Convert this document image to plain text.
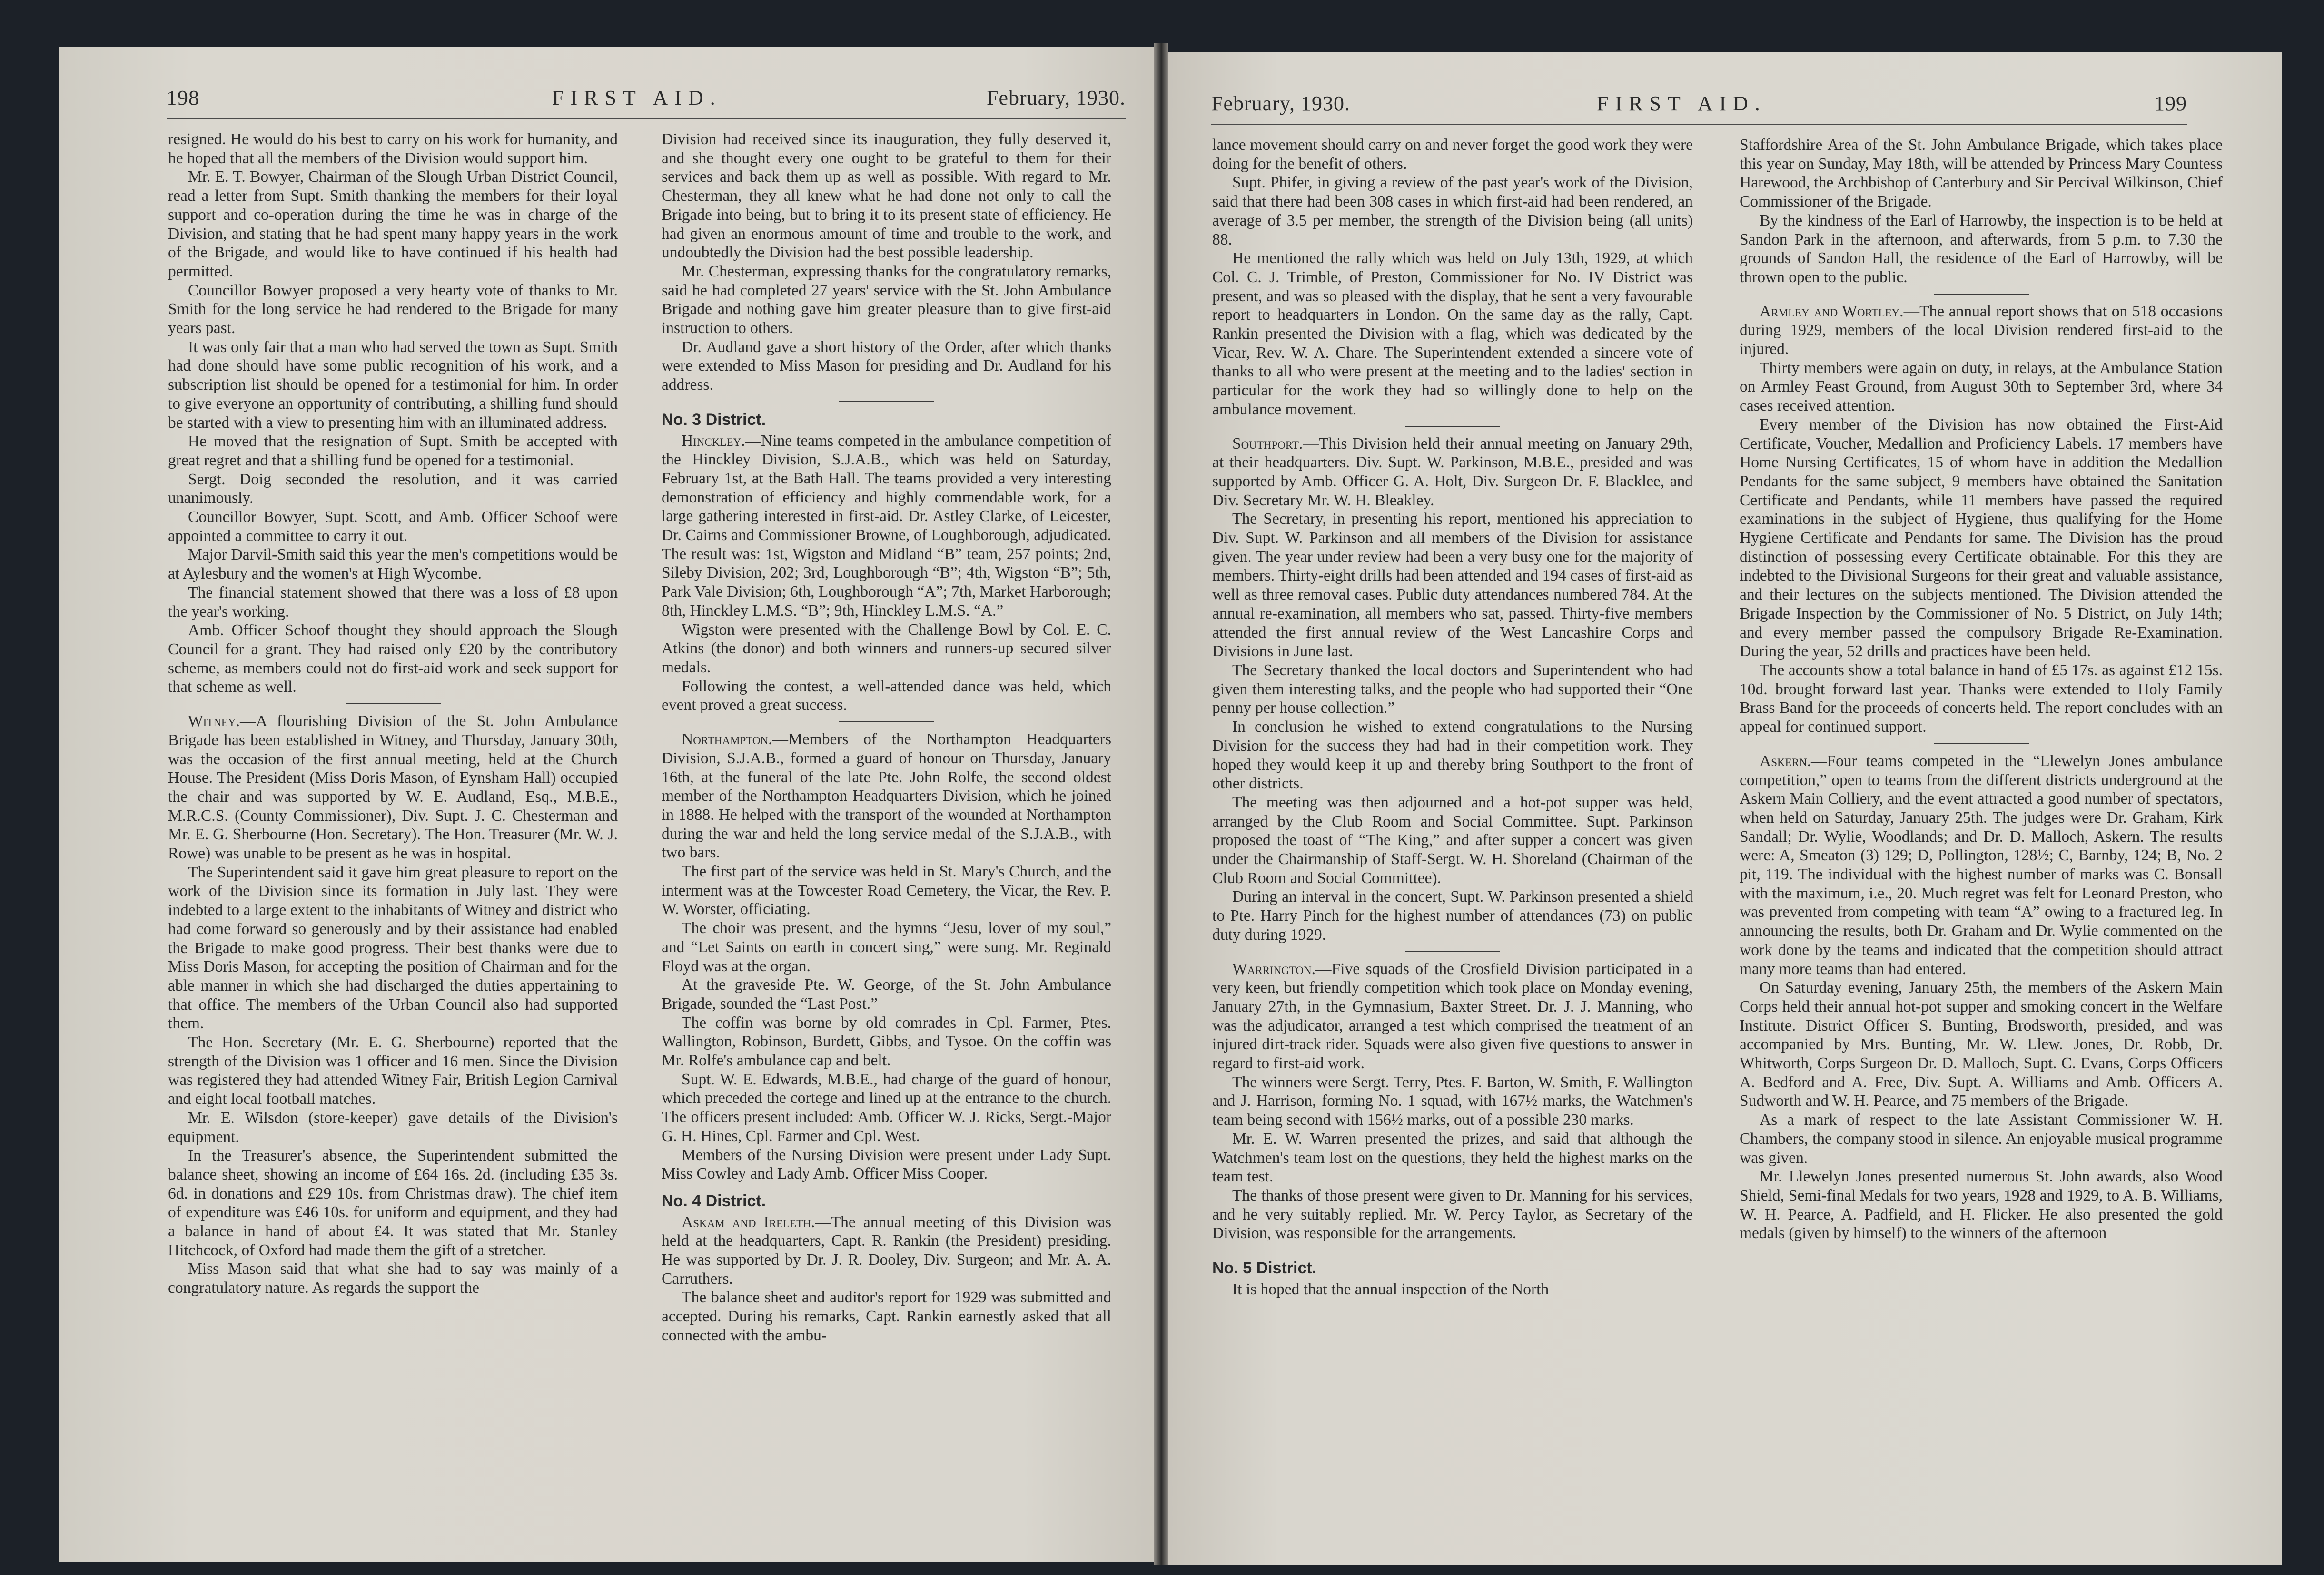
198	FIRST AID.	February, 1930.

resigned. He would do his best to carry on his work for humanity, and he hoped that all the members of the Division would support him.

Mr. E. T. Bowyer, Chairman of the Slough Urban District Council, read a letter from Supt. Smith thanking the members for their loyal support and co-operation during the time he was in charge of the Division, and stating that he had spent many happy years in the work of the Brigade, and would like to have continued if his health had permitted.

Councillor Bowyer proposed a very hearty vote of thanks to Mr. Smith for the long service he had rendered to the Brigade for many years past.

It was only fair that a man who had served the town as Supt. Smith had done should have some public recognition of his work, and a subscription list should be opened for a testimonial for him. In order to give everyone an opportunity of contributing, a shilling fund should be started with a view to presenting him with an illuminated address.

He moved that the resignation of Supt. Smith be accepted with great regret and that a shilling fund be opened for a testimonial.

Sergt. Doig seconded the resolution, and it was carried unanimously.

Councillor Bowyer, Supt. Scott, and Amb. Officer Schoof were appointed a committee to carry it out.

Major Darvil-Smith said this year the men's competitions would be at Aylesbury and the women's at High Wycombe.

The financial statement showed that there was a loss of £8 upon the year's working.

Amb. Officer Schoof thought they should approach the Slough Council for a grant. They had raised only £20 by the contributory scheme, as members could not do first-aid work and seek support for that scheme as well.

Witney.—A flourishing Division of the St. John Ambulance Brigade has been established in Witney, and Thursday, January 30th, was the occasion of the first annual meeting, held at the Church House. The President (Miss Doris Mason, of Eynsham Hall) occupied the chair and was supported by W. E. Audland, Esq., M.B.E., M.R.C.S. (County Commissioner), Div. Supt. J. C. Chesterman and Mr. E. G. Sherbourne (Hon. Secretary). The Hon. Treasurer (Mr. W. J. Rowe) was unable to be present as he was in hospital.

The Superintendent said it gave him great pleasure to report on the work of the Division since its formation in July last. They were indebted to a large extent to the inhabitants of Witney and district who had come forward so generously and by their assistance had enabled the Brigade to make good progress. Their best thanks were due to Miss Doris Mason, for accepting the position of Chairman and for the able manner in which she had discharged the duties appertaining to that office. The members of the Urban Council also had supported them.

The Hon. Secretary (Mr. E. G. Sherbourne) reported that the strength of the Division was 1 officer and 16 men. Since the Division was registered they had attended Witney Fair, British Legion Carnival and eight local football matches.

Mr. E. Wilsdon (store-keeper) gave details of the Division's equipment.

In the Treasurer's absence, the Superintendent submitted the balance sheet, showing an income of £64 16s. 2d. (including £35 3s. 6d. in donations and £29 10s. from Christmas draw). The chief item of expenditure was £46 10s. for uniform and equipment, and they had a balance in hand of about £4. It was stated that Mr. Stanley Hitchcock, of Oxford had made them the gift of a stretcher.

Miss Mason said that what she had to say was mainly of a congratulatory nature. As regards the support the

Division had received since its inauguration, they fully deserved it, and she thought every one ought to be grateful to them for their services and back them up as well as possible. With regard to Mr. Chesterman, they all knew what he had done not only to call the Brigade into being, but to bring it to its present state of efficiency. He had given an enormous amount of time and trouble to the work, and undoubtedly the Division had the best possible leadership.

Mr. Chesterman, expressing thanks for the congratulatory remarks, said he had completed 27 years' service with the St. John Ambulance Brigade and nothing gave him greater pleasure than to give first-aid instruction to others.

Dr. Audland gave a short history of the Order, after which thanks were extended to Miss Mason for presiding and Dr. Audland for his address.

No. 3 District.

Hinckley.—Nine teams competed in the ambulance competition of the Hinckley Division, S.J.A.B., which was held on Saturday, February 1st, at the Bath Hall. The teams provided a very interesting demonstration of efficiency and highly commendable work, for a large gathering interested in first-aid. Dr. Astley Clarke, of Leicester, Dr. Cairns and Commissioner Browne, of Loughborough, adjudicated. The result was: 1st, Wigston and Midland “B” team, 257 points; 2nd, Sileby Division, 202; 3rd, Loughborough “B”; 4th, Wigston “B”; 5th, Park Vale Division; 6th, Loughborough “A”; 7th, Market Harborough; 8th, Hinckley L.M.S. “B”; 9th, Hinckley L.M.S. “A.”

Wigston were presented with the Challenge Bowl by Col. E. C. Atkins (the donor) and both winners and runners-up secured silver medals.

Following the contest, a well-attended dance was held, which event proved a great success.

Northampton.—Members of the Northampton Headquarters Division, S.J.A.B., formed a guard of honour on Thursday, January 16th, at the funeral of the late Pte. John Rolfe, the second oldest member of the Northampton Headquarters Division, which he joined in 1888. He helped with the transport of the wounded at Northampton during the war and held the long service medal of the S.J.A.B., with two bars.

The first part of the service was held in St. Mary's Church, and the interment was at the Towcester Road Cemetery, the Vicar, the Rev. P. W. Worster, officiating.

The choir was present, and the hymns “Jesu, lover of my soul,” and “Let Saints on earth in concert sing,” were sung. Mr. Reginald Floyd was at the organ.

At the graveside Pte. W. George, of the St. John Ambulance Brigade, sounded the “Last Post.”

The coffin was borne by old comrades in Cpl. Farmer, Ptes. Wallington, Robinson, Burdett, Gibbs, and Tysoe. On the coffin was Mr. Rolfe's ambulance cap and belt.

Supt. W. E. Edwards, M.B.E., had charge of the guard of honour, which preceded the cortege and lined up at the entrance to the church. The officers present included: Amb. Officer W. J. Ricks, Sergt.-Major G. H. Hines, Cpl. Farmer and Cpl. West.

Members of the Nursing Division were present under Lady Supt. Miss Cowley and Lady Amb. Officer Miss Cooper.

No. 4 District.

Askam and Ireleth.—The annual meeting of this Division was held at the headquarters, Capt. R. Rankin (the President) presiding. He was supported by Dr. J. R. Dooley, Div. Surgeon; and Mr. A. A. Carruthers.

The balance sheet and auditor's report for 1929 was submitted and accepted. During his remarks, Capt. Rankin earnestly asked that all connected with the ambu-

February, 1930.	FIRST AID.	199

lance movement should carry on and never forget the good work they were doing for the benefit of others.

Supt. Phifer, in giving a review of the past year's work of the Division, said that there had been 308 cases in which first-aid had been rendered, an average of 3.5 per member, the strength of the Division being (all units) 88.

He mentioned the rally which was held on July 13th, 1929, at which Col. C. J. Trimble, of Preston, Commissioner for No. IV District was present, and was so pleased with the display, that he sent a very favourable report to headquarters in London. On the same day as the rally, Capt. Rankin presented the Division with a flag, which was dedicated by the Vicar, Rev. W. A. Chare. The Superintendent extended a sincere vote of thanks to all who were present at the meeting and to the ladies' section in particular for the work they had so willingly done to help on the ambulance movement.

Southport.—This Division held their annual meeting on January 29th, at their headquarters. Div. Supt. W. Parkinson, M.B.E., presided and was supported by Amb. Officer G. A. Holt, Div. Surgeon Dr. F. Blacklee, and Div. Secretary Mr. W. H. Bleakley.

The Secretary, in presenting his report, mentioned his appreciation to Div. Supt. W. Parkinson and all members of the Division for assistance given. The year under review had been a very busy one for the majority of members. Thirty-eight drills had been attended and 194 cases of first-aid as well as three removal cases. Public duty attendances numbered 784. At the annual re-examination, all members who sat, passed. Thirty-five members attended the first annual review of the West Lancashire Corps and Divisions in June last.

The Secretary thanked the local doctors and Superintendent who had given them interesting talks, and the people who had supported their “One penny per house collection.”

In conclusion he wished to extend congratulations to the Nursing Division for the success they had had in their competition work. They hoped they would keep it up and thereby bring Southport to the front of other districts.

The meeting was then adjourned and a hot-pot supper was held, arranged by the Club Room and Social Committee. Supt. Parkinson proposed the toast of “The King,” and after supper a concert was given under the Chairmanship of Staff-Sergt. W. H. Shoreland (Chairman of the Club Room and Social Committee).

During an interval in the concert, Supt. W. Parkinson presented a shield to Pte. Harry Pinch for the highest number of attendances (73) on public duty during 1929.

Warrington.—Five squads of the Crosfield Division participated in a very keen, but friendly competition which took place on Monday evening, January 27th, in the Gymnasium, Baxter Street. Dr. J. J. Manning, who was the adjudicator, arranged a test which comprised the treatment of an injured dirt-track rider. Squads were also given five questions to answer in regard to first-aid work.

The winners were Sergt. Terry, Ptes. F. Barton, W. Smith, F. Wallington and J. Harrison, forming No. 1 squad, with 167½ marks, the Watchmen's team being second with 156½ marks, out of a possible 230 marks.

Mr. E. W. Warren presented the prizes, and said that although the Watchmen's team lost on the questions, they held the highest marks on the team test.

The thanks of those present were given to Dr. Manning for his services, and he very suitably replied. Mr. W. Percy Taylor, as Secretary of the Division, was responsible for the arrangements.

No. 5 District.

It is hoped that the annual inspection of the North

Staffordshire Area of the St. John Ambulance Brigade, which takes place this year on Sunday, May 18th, will be attended by Princess Mary Countess Harewood, the Archbishop of Canterbury and Sir Percival Wilkinson, Chief Commissioner of the Brigade.

By the kindness of the Earl of Harrowby, the inspection is to be held at Sandon Park in the afternoon, and afterwards, from 5 p.m. to 7.30 the grounds of Sandon Hall, the residence of the Earl of Harrowby, will be thrown open to the public.

Armley and Wortley.—The annual report shows that on 518 occasions during 1929, members of the local Division rendered first-aid to the injured.

Thirty members were again on duty, in relays, at the Ambulance Station on Armley Feast Ground, from August 30th to September 3rd, where 34 cases received attention.

Every member of the Division has now obtained the First-Aid Certificate, Voucher, Medallion and Proficiency Labels. 17 members have Home Nursing Certificates, 15 of whom have in addition the Medallion Pendants for the same subject, 9 members have obtained the Sanitation Certificate and Pendants, while 11 members have passed the required examinations in the subject of Hygiene, thus qualifying for the Home Hygiene Certificate and Pendants for same. The Division has the proud distinction of possessing every Certificate obtainable. For this they are indebted to the Divisional Surgeons for their great and valuable assistance, and their lectures on the subjects mentioned. The Division attended the Brigade Inspection by the Commissioner of No. 5 District, on July 14th; and every member passed the compulsory Brigade Re-Examination. During the year, 52 drills and practices have been held.

The accounts show a total balance in hand of £5 17s. as against £12 15s. 10d. brought forward last year. Thanks were extended to Holy Family Brass Band for the proceeds of concerts held. The report concludes with an appeal for continued support.

Askern.—Four teams competed in the “Llewelyn Jones ambulance competition,” open to teams from the different districts underground at the Askern Main Colliery, and the event attracted a good number of spectators, when held on Saturday, January 25th. The judges were Dr. Graham, Kirk Sandall; Dr. Wylie, Woodlands; and Dr. D. Malloch, Askern. The results were: A, Smeaton (3) 129; D, Pollington, 128½; C, Barnby, 124; B, No. 2 pit, 119. The individual with the highest number of marks was C. Bonsall with the maximum, i.e., 20. Much regret was felt for Leonard Preston, who was prevented from competing with team “A” owing to a fractured leg. In announcing the results, both Dr. Graham and Dr. Wylie commented on the work done by the teams and indicated that the competition should attract many more teams than had entered.

On Saturday evening, January 25th, the members of the Askern Main Corps held their annual hot-pot supper and smoking concert in the Welfare Institute. District Officer S. Bunting, Brodsworth, presided, and was accompanied by Mrs. Bunting, Mr. W. Llew. Jones, Dr. Robb, Dr. Whitworth, Corps Surgeon Dr. D. Malloch, Supt. C. Evans, Corps Officers A. Bedford and A. Free, Div. Supt. A. Williams and Amb. Officers A. Sudworth and W. H. Pearce, and 75 members of the Brigade.

As a mark of respect to the late Assistant Commissioner W. H. Chambers, the company stood in silence. An enjoyable musical programme was given.

Mr. Llewelyn Jones presented numerous St. John awards, also Wood Shield, Semi-final Medals for two years, 1928 and 1929, to A. B. Williams, W. H. Pearce, A. Padfield, and H. Flicker. He also presented the gold medals (given by himself) to the winners of the afternoon
